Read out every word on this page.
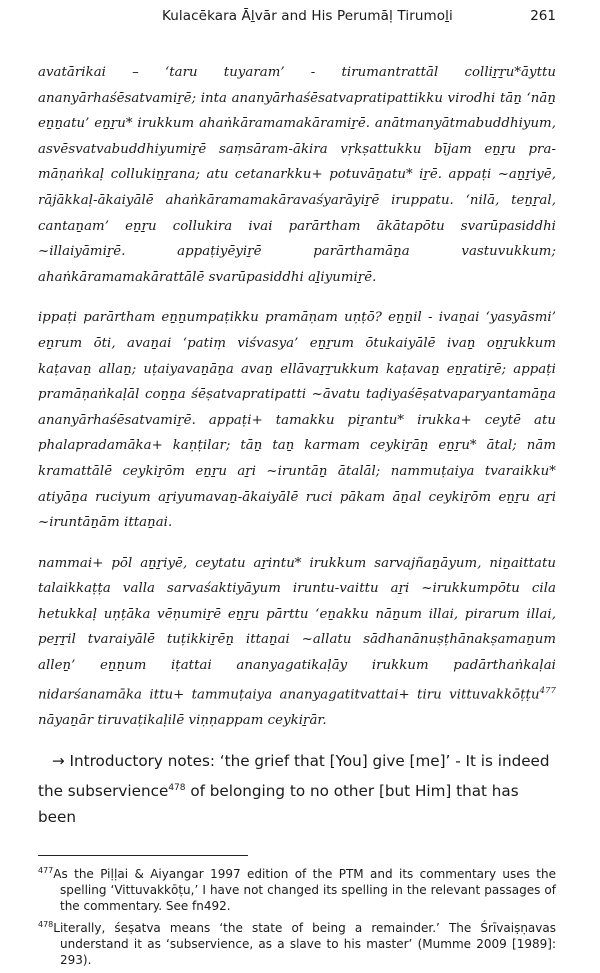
Kulacēkara Āḻvār and His Perumāḷ Tirumoḻi	261

avatārikai – ‘taru tuyaram’ - tirumantrattāl colliṟṟu*āyttu ananyārhaśēsatvamiṟē; inta ananyārhaśēsatvapratipattikku virodhi tāṉ ‘nāṉ eṉṉatu’ eṉṟu* irukkum ahaṅkāramamakāramiṟē. anātmanyātmabuddhiyum, asvēsvatvabuddhiyumiṟē saṃsāram-ākira vṛkṣattukku bījam eṉṟu pra-māṇaṅkaḷ collukiṉṟana; atu cetanarkku+ potuvāṉatu* iṟē. appaṭi ~aṉṟiyē, rājākkaḷ-ākaiyālē ahaṅkāramamakāravaśyarāyiṟē iruppatu. ‘nilā, teṉṟal, cantaṉam’ eṉṟu collukira ivai parārtham ākātapōtu svarūpasiddhi ~illaiyāmiṟē. appaṭiyēyiṟē parārthamāṉa vastuvukkum; ahaṅkāramamakārattālē svarūpasiddhi aḻiyumiṟē.

ippaṭi parārtham eṉṉumpaṭikku pramāṇam uṇṭō? eṉṉil - ivaṉai ‘yasyāsmi’ eṉrum ōti, avaṉai ‘patiṃ viśvasya’ eṉṟum ōtukaiyālē ivaṉ oṉṟukkum kaṭavaṉ allaṉ; uṭaiyavaṉāṉa avaṉ ellāvaṟṟukkum kaṭavaṉ eṉṟatiṟē; appaṭi pramāṇaṅkaḷāl coṉṉa śēṣatvapratipatti ~āvatu taḍiyaśēṣatvaparyantamāṉa ananyārhaśēsatvamiṟē. appaṭi+ tamakku piṟantu* irukka+ ceytē atu phalapradamāka+ kaṇṭilar; tāṉ taṉ karmam ceykiṟāṉ eṉṟu* ātal; nām kramattālē ceykiṟōm eṉṟu aṟi ~iruntāṉ ātalāl; nammuṭaiya tvaraikku* atiyāṉa ruciyum aṟiyumavaṉ-ākaiyālē ruci pākam āṉal ceykiṟōm eṉṟu aṟi ~iruntāṉām ittaṉai.

nammai+ pōl aṉṟiyē, ceytatu aṟintu* irukkum sarvajñaṉāyum, niṉaittatu talaikkaṭṭa valla sarvaśaktiyāyum iruntu-vaittu aṟi ~irukkumpōtu cila hetukkaḷ uṇṭāka vēṇumiṟē eṉṟu pārttu ‘eṉakku nāṉum illai, pirarum illai, peṟṟil tvaraiyālē tuṭikkiṟēṉ ittaṉai ~allatu sādhanānuṣṭhānakṣamaṉum alleṉ’ eṉṉum iṭattai ananyagatikaḷāy irukkum padārthaṅkaḷai nidarśanamāka ittu+ tammuṭaiya ananyagatitvattai+ tiru vittuvakkōṭṭu$^{477}$ nāyaṉār tiruvaṭikaḷilē viṇṇappam ceykiṟār.

→ Introductory notes: ‘the grief that [You] give [me]’ - It is indeed the subservience$^{478}$ of belonging to no other [but Him] that has been

$^{477}$As the Piḷḷai & Aiyangar 1997 edition of the PTM and its commentary uses the spelling ‘Vittuvakkōṭu,’ I have not changed its spelling in the relevant passages of the commentary. See fn492.

$^{478}$Literally, śeṣatva means ‘the state of being a remainder.’ The Śrīvaiṣṇavas understand it as ‘subservience, as a slave to his master’ (Mumme 2009 [1989]: 293).
